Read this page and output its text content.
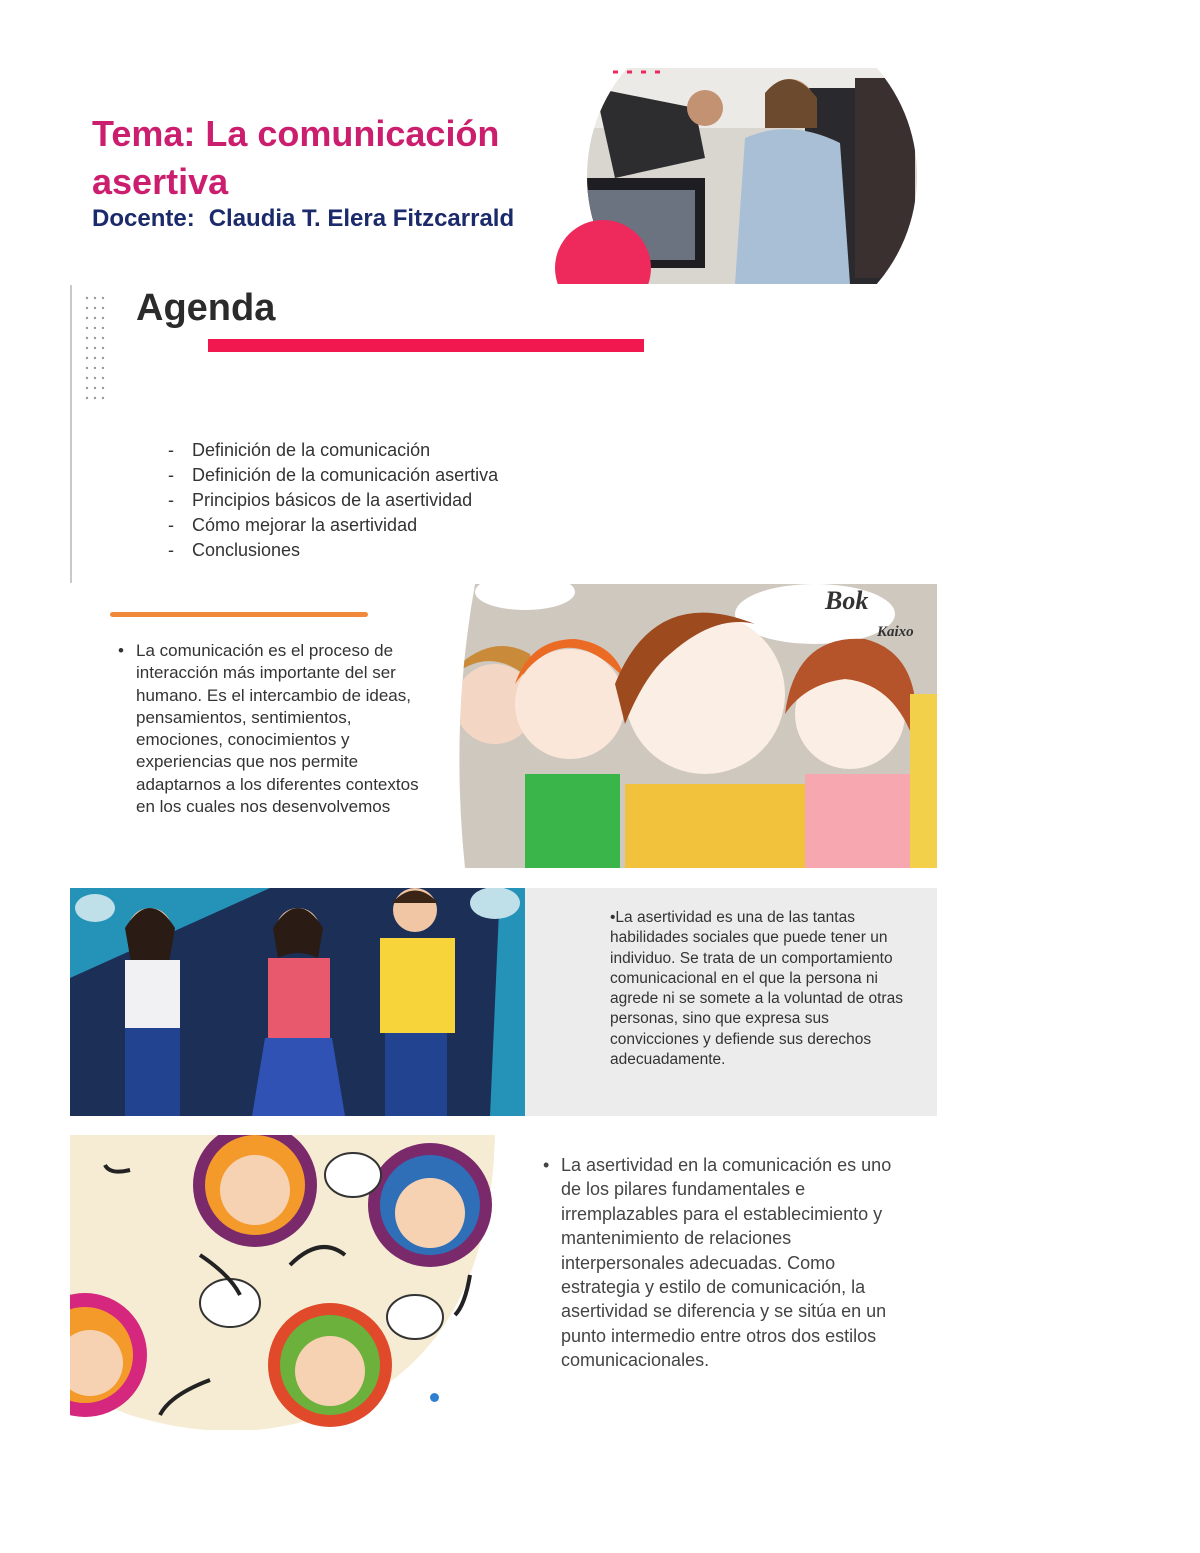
Tema: La comunicación asertiva
Docente: Claudia T. Elera Fitzcarrald
Agenda
- Definición de la comunicación
- Definición de la comunicación asertiva
- Principios básicos de la asertividad
- Cómo mejorar la asertividad
- Conclusiones
• La comunicación es el proceso de interacción más importante del ser humano. Es el intercambio de ideas, pensamientos, sentimientos, emociones, conocimientos y experiencias que nos permite adaptarnos a los diferentes contextos en los cuales nos desenvolvemos
Bok
Kaixo
•La asertividad es una de las tantas habilidades sociales que puede tener un individuo. Se trata de un comportamiento comunicacional en el que la persona ni agrede ni se somete a la voluntad de otras personas, sino que expresa sus convicciones y defiende sus derechos adecuadamente.
• La asertividad en la comunicación es uno de los pilares fundamentales e irremplazables para el establecimiento y mantenimiento de relaciones interpersonales adecuadas. Como estrategia y estilo de comunicación, la asertividad se diferencia y se sitúa en un punto intermedio entre otros dos estilos comunicacionales.
